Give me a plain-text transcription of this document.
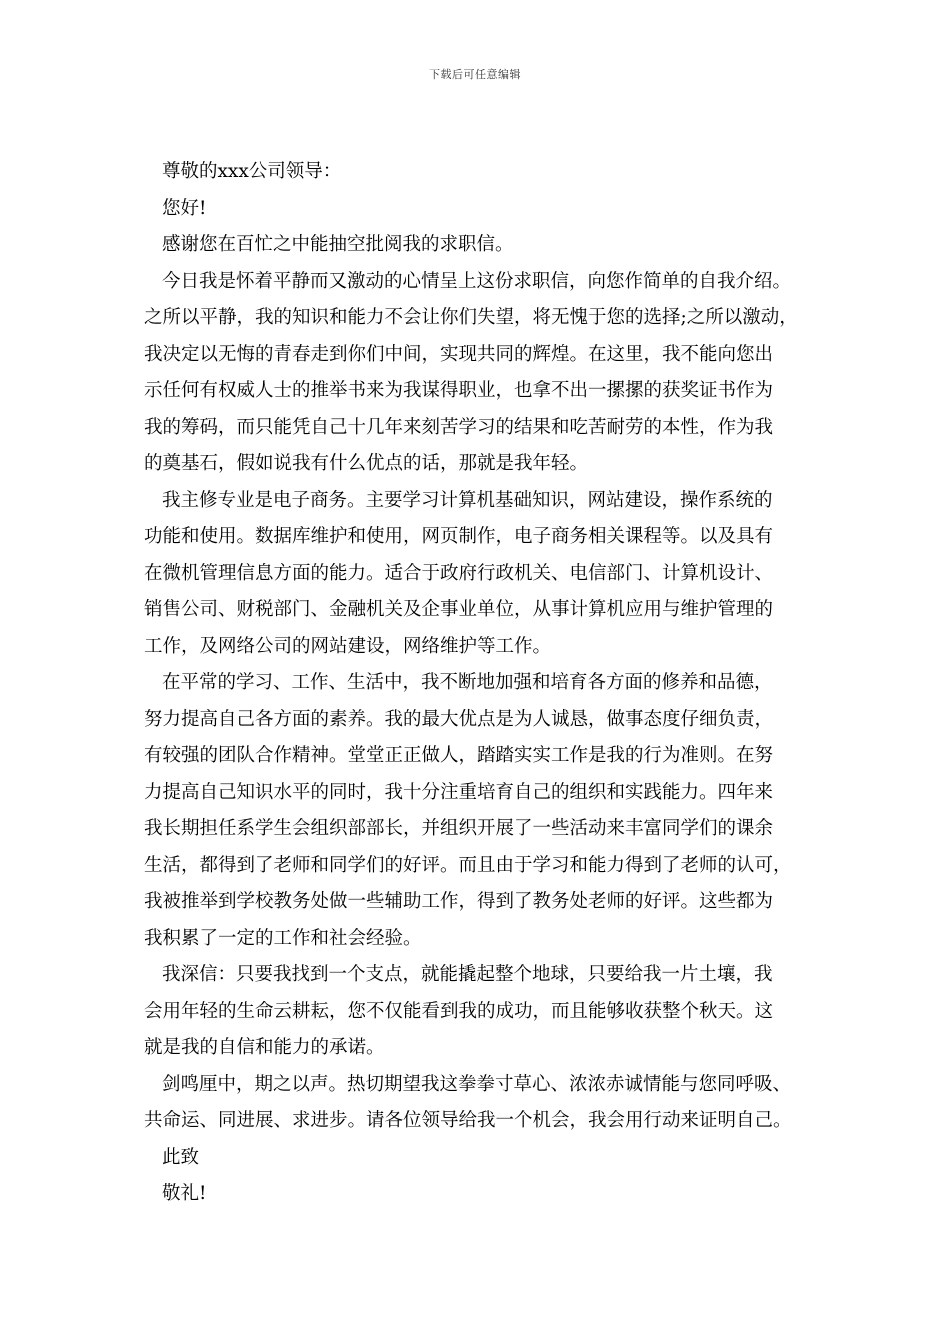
下载后可任意编辑
尊敬的xxx公司领导：
您好!
感谢您在百忙之中能抽空批阅我的求职信。
今日我是怀着平静而又激动的心情呈上这份求职信，向您作简单的自我介绍。
之所以平静，我的知识和能力不会让你们失望，将无愧于您的选择;之所以激动，
我决定以无悔的青春走到你们中间，实现共同的辉煌。在这里，我不能向您出
示任何有权威人士的推举书来为我谋得职业，也拿不出一摞摞的获奖证书作为
我的筹码，而只能凭自己十几年来刻苦学习的结果和吃苦耐劳的本性，作为我
的奠基石，假如说我有什么优点的话，那就是我年轻。
我主修专业是电子商务。主要学习计算机基础知识，网站建设，操作系统的
功能和使用。数据库维护和使用，网页制作，电子商务相关课程等。以及具有
在微机管理信息方面的能力。适合于政府行政机关、电信部门、计算机设计、
销售公司、财税部门、金融机关及企事业单位，从事计算机应用与维护管理的
工作，及网络公司的网站建设，网络维护等工作。
在平常的学习、工作、生活中，我不断地加强和培育各方面的修养和品德，
努力提高自己各方面的素养。我的最大优点是为人诚恳，做事态度仔细负责，
有较强的团队合作精神。堂堂正正做人，踏踏实实工作是我的行为准则。在努
力提高自己知识水平的同时，我十分注重培育自己的组织和实践能力。四年来
我长期担任系学生会组织部部长，并组织开展了一些活动来丰富同学们的课余
生活，都得到了老师和同学们的好评。而且由于学习和能力得到了老师的认可，
我被推举到学校教务处做一些辅助工作，得到了教务处老师的好评。这些都为
我积累了一定的工作和社会经验。
我深信：只要我找到一个支点，就能撬起整个地球，只要给我一片土壤，我
会用年轻的生命云耕耘，您不仅能看到我的成功，而且能够收获整个秋天。这
就是我的自信和能力的承诺。
剑鸣厘中，期之以声。热切期望我这拳拳寸草心、浓浓赤诚情能与您同呼吸、
共命运、同进展、求进步。请各位领导给我一个机会，我会用行动来证明自己。
此致
敬礼!
